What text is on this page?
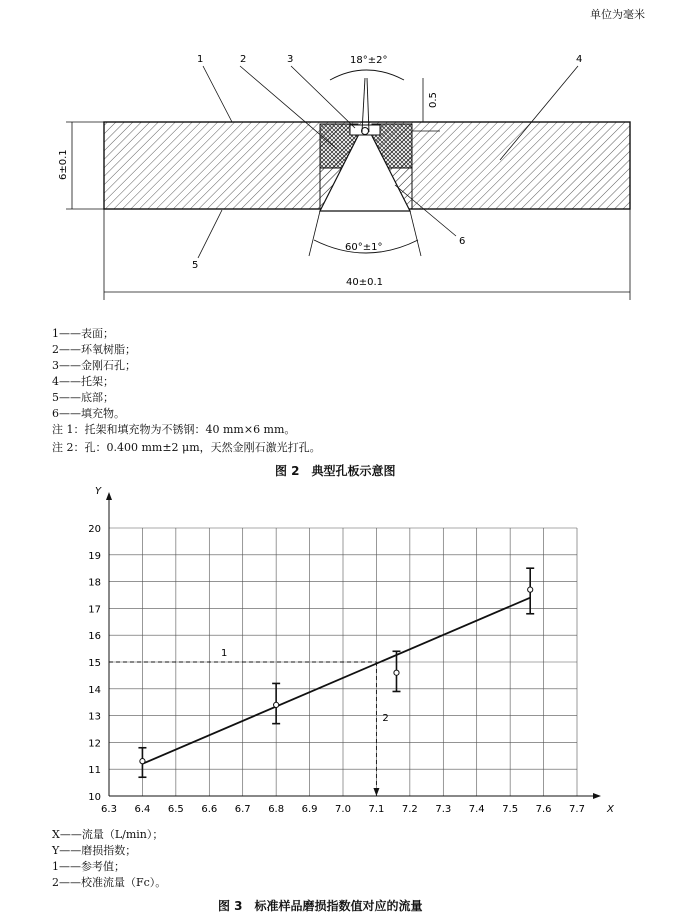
单位为毫米
18°±2°
0.5
60°±1°
6±0.1
40±0.1
1	2	3	4
5
6
1——表面；
2——环氧树脂；
3——金刚石孔；
4——托架；
5——底部；
6——填充物。
注 1：托架和填充物为不锈钢：40 mm×6 mm。
注 2：孔：0.400 mm±2 μm，天然金刚石激光打孔。
图 2　典型孔板示意图
6.3 6.4 6.5 6.6 6.7 6.8 6.9 7.0 7.1 7.2 7.3 7.4 7.5 7.6 7.7
10
11
12
13
14
15
16
17
18
19
20
X
Y
1
2
X——流量（L/min）；
Y——磨损指数；
1——参考值；
2——校准流量（Fc）。
图 3　标准样品磨损指数值对应的流量
